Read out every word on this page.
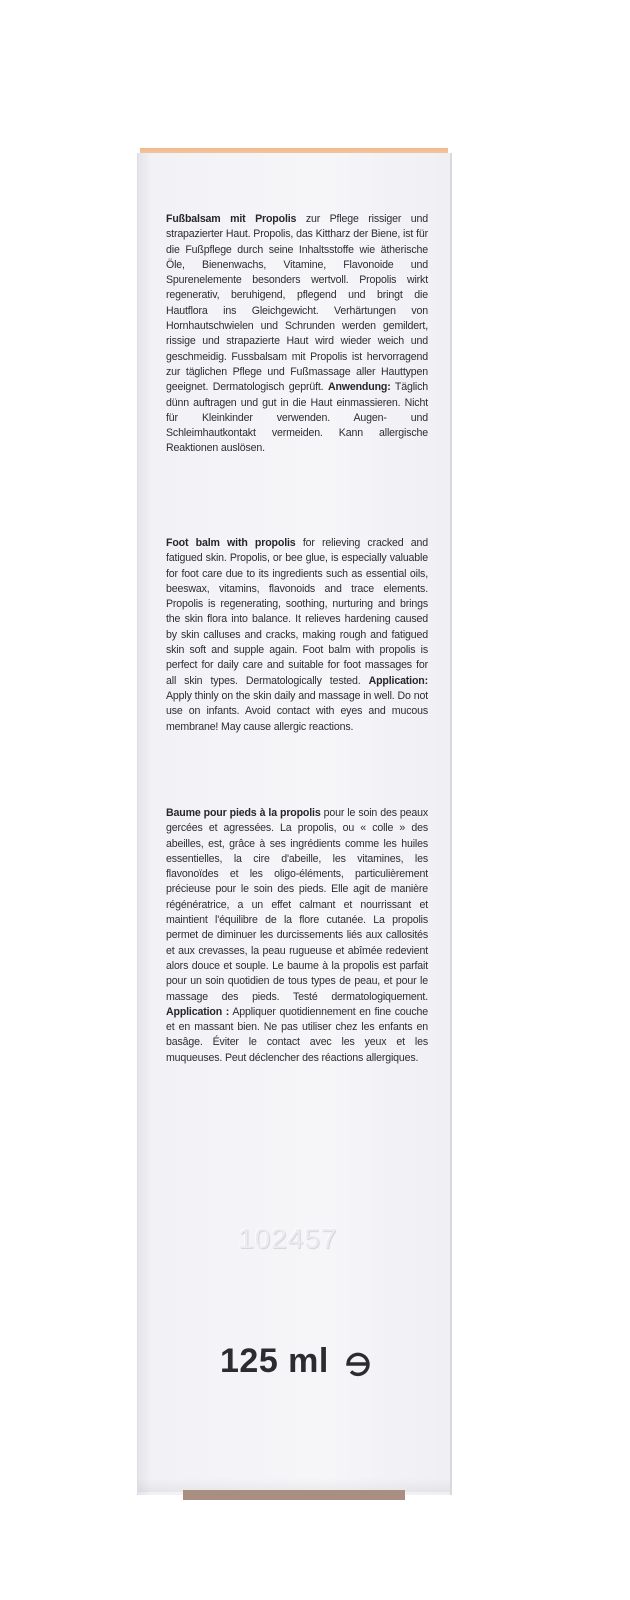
Fußbalsam mit Propolis zur Pflege rissiger und strapazierter Haut. Propolis, das Kittharz der Biene, ist für die Fußpflege durch seine Inhaltsstoffe wie ätherische Öle, Bienenwachs, Vitamine, Flavonoide und Spurenelemente besonders wertvoll. Propolis wirkt regenerativ, beruhigend, pflegend und bringt die Hautflora ins Gleichgewicht. Verhärtungen von Hornhautschwielen und Schrunden werden gemildert, rissige und strapazierte Haut wird wieder weich und geschmeidig. Fussbalsam mit Propolis ist hervorragend zur täglichen Pflege und Fußmassage aller Hauttypen geeignet. Dermatologisch geprüft. Anwendung: Täglich dünn auftragen und gut in die Haut einmassieren. Nicht für Kleinkinder verwenden. Augen- und Schleimhautkontakt vermeiden. Kann allergische Reaktionen auslösen.
Foot balm with propolis for relieving cracked and fatigued skin. Propolis, or bee glue, is especially valuable for foot care due to its ingredients such as essential oils, beeswax, vitamins, flavonoids and trace elements. Propolis is regenerating, soothing, nurturing and brings the skin flora into balance. It relieves hardening caused by skin calluses and cracks, making rough and fatigued skin soft and supple again. Foot balm with propolis is perfect for daily care and suitable for foot massages for all skin types. Dermatologically tested. Application: Apply thinly on the skin daily and massage in well. Do not use on infants. Avoid contact with eyes and mucous membrane! May cause allergic reactions.
Baume pour pieds à la propolis pour le soin des peaux gercées et agressées. La propolis, ou « colle » des abeilles, est, grâce à ses ingrédients comme les huiles essentielles, la cire d'abeille, les vitamines, les flavonoïdes et les oligo-éléments, particulièrement précieuse pour le soin des pieds. Elle agit de manière régénératrice, a un effet calmant et nourrissant et maintient l'équilibre de la flore cutanée. La propolis permet de diminuer les durcissements liés aux callosités et aux crevasses, la peau rugueuse et abîmée redevient alors douce et souple. Le baume à la propolis est parfait pour un soin quotidien de tous types de peau, et pour le massage des pieds. Testé dermatologiquement. Application : Appliquer quotidiennement en fine couche et en massant bien. Ne pas utiliser chez les enfants en basâge. Éviter le contact avec les yeux et les muqueuses. Peut déclencher des réactions allergiques.
102457
125 ml
